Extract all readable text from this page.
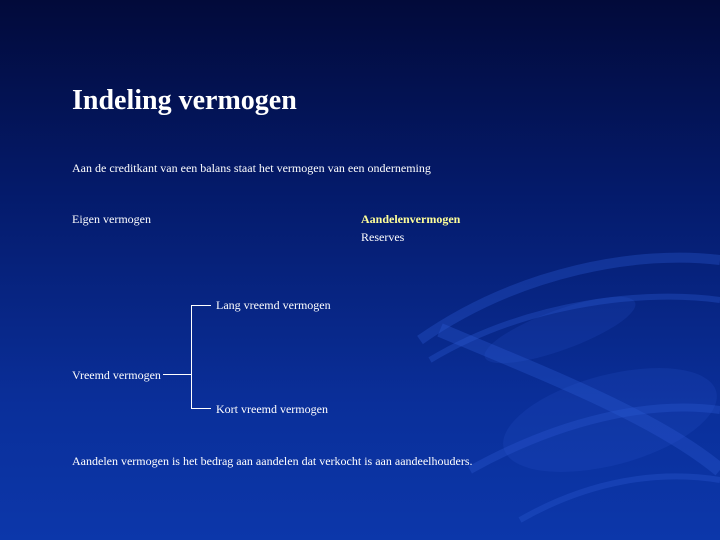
Indeling vermogen
Aan de creditkant van een balans staat het vermogen van een onderneming
Eigen vermogen	Aandelenvermogen
Reserves
Lang vreemd vermogen
Vreemd vermogen
Kort vreemd vermogen
Aandelen vermogen is het bedrag aan aandelen dat verkocht is aan aandeelhouders.
